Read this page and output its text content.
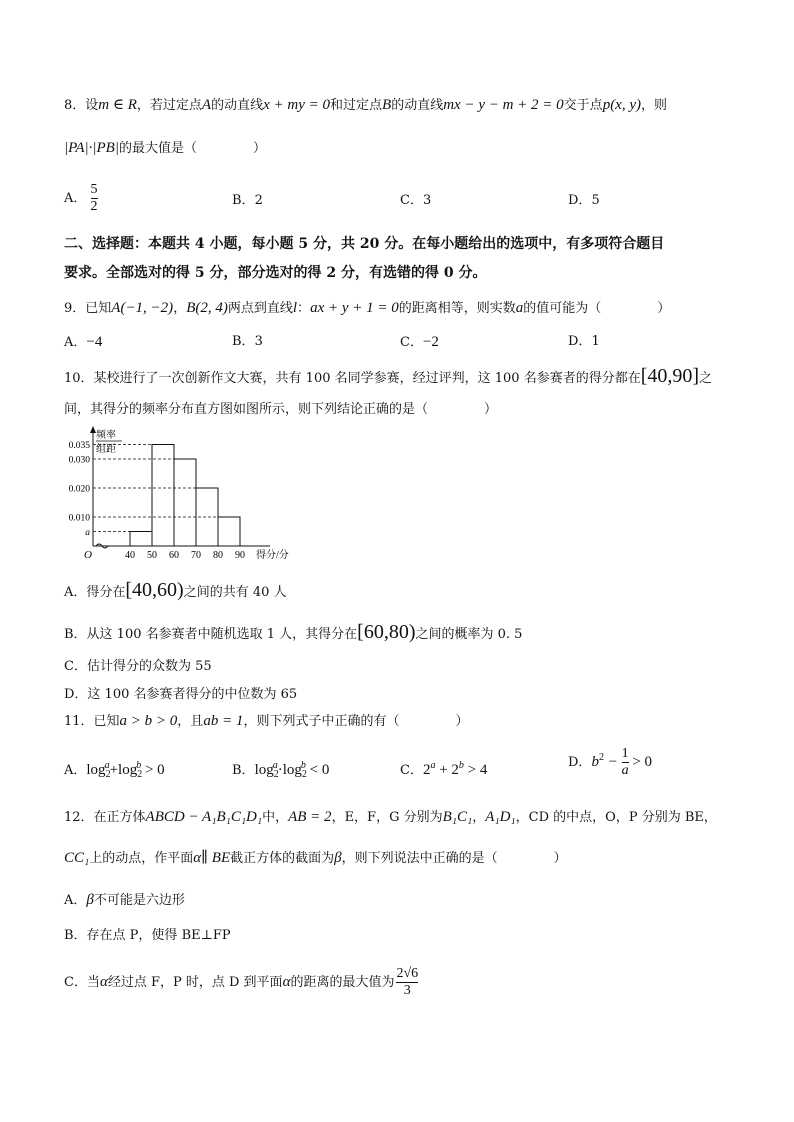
8．设m ∈ R，若过定点A的动直线x + my = 0和过定点B的动直线mx − y − m + 2 = 0交于点p(x, y)，则
|PA|·|PB|的最大值是（	）
A． $\frac{5}{2}$	B．2	C．3	D．5
二、选择题：本题共 4 小题，每小题 5 分，共 20 分。在每小题给出的选项中，有多项符合题目
要求。全部选对的得 5 分，部分选对的得 2 分，有选错的得 0 分。
9．已知A(−1, −2)，B(2, 4)两点到直线l：ax + y + 1 = 0的距离相等，则实数a的值可能为（	）
A．−4	B．3	C．−2	D．1
10．某校进行了一次创新作文大赛，共有 100 名同学参赛，经过评判，这 100 名参赛者的得分都在[40,90]之
间，其得分的频率分布直方图如图所示，则下列结论正确的是（	）
O
频率
组距
得分/分
0.035
0.030
0.020
0.010
a
40 50 60 70 80 90
A．得分在[40,60)之间的共有 40 人
B．从这 100 名参赛者中随机选取 1 人，其得分在[60,80)之间的概率为 0. 5
C．估计得分的众数为 55
D．这 100 名参赛者得分的中位数为 65
11．已知a > b > 0，且ab = 1，则下列式子中正确的有（	）
A．$\log_2^a+\log_2^b > 0$	B．$\log_2^a\cdot\log_2^b < 0$	C．$2^a + 2^b > 4$	D．$b^2 - \frac{1}{a} > 0$
12．在正方体ABCD − A₁B₁C₁D₁中，AB = 2，E，F，G 分别为B₁C₁，A₁D₁，CD 的中点，O，P 分别为 BE，
CC₁上的动点，作平面α∥ BE截正方体的截面为β，则下列说法中正确的是（	）
A．β不可能是六边形
B．存在点 P，使得 BE⊥FP
C．当α经过点 F，P 时，点 D 到平面α的距离的最大值为 $\frac{2√6}{3}$
